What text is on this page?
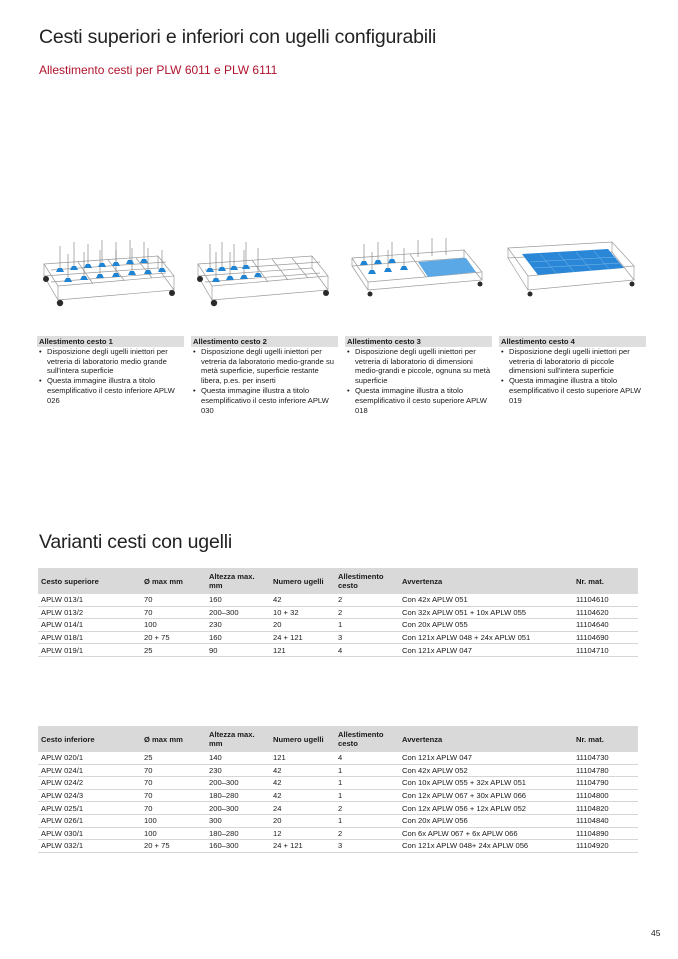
Cesti superiori e inferiori con ugelli configurabili
Allestimento cesti per PLW 6011 e PLW 6111
Allestimento cesto 1
• Disposizione degli ugelli iniettori per vetreria di laboratorio medio grande sull'intera superficie
• Questa immagine illustra a titolo esemplificativo il cesto inferiore APLW 026
Allestimento cesto 2
• Disposizione degli ugelli iniettori per vetreria da laboratorio medio-grande su metà superficie, superficie restante libera, p.es. per inserti
• Questa immagine illustra a titolo esemplificativo il cesto inferiore APLW 030
Allestimento cesto 3
• Disposizione degli ugelli iniettori per vetreria di laboratorio di dimensioni medio-grandi e piccole, ognuna su metà superficie
• Questa immagine illustra a titolo esemplificativo il cesto superiore APLW 018
Allestimento cesto 4
• Disposizione degli ugelli iniettori per vetreria di laboratorio di piccole dimensioni sull'intera superficie
• Questa immagine illustra a titolo esemplificativo il cesto superiore APLW 019
Varianti cesti con ugelli
Cesto superiore	Ø max mm	Altezza max. mm	Numero ugelli	Allestimento cesto	Avvertenza	Nr. mat.
APLW 013/1	70	160	42	2	Con 42x APLW 051	11104610
APLW 013/2	70	200–300	10 + 32	2	Con 32x APLW 051 + 10x APLW 055	11104620
APLW 014/1	100	230	20	1	Con 20x APLW 055	11104640
APLW 018/1	20 + 75	160	24 + 121	3	Con 121x APLW 048 + 24x APLW 051	11104690
APLW 019/1	25	90	121	4	Con 121x APLW 047	11104710
Cesto inferiore	Ø max mm	Altezza max. mm	Numero ugelli	Allestimento cesto	Avvertenza	Nr. mat.
APLW 020/1	25	140	121	4	Con 121x APLW 047	11104730
APLW 024/1	70	230	42	1	Con 42x APLW 052	11104780
APLW 024/2	70	200–300	42	1	Con 10x APLW 055 + 32x APLW 051	11104790
APLW 024/3	70	180–280	42	1	Con 12x APLW 067 + 30x APLW 066	11104800
APLW 025/1	70	200–300	24	2	Con 12x APLW 056 + 12x APLW 052	11104820
APLW 026/1	100	300	20	1	Con 20x APLW 056	11104840
APLW 030/1	100	180–280	12	2	Con 6x APLW 067 + 6x APLW 066	11104890
APLW 032/1	20 + 75	160–300	24 + 121	3	Con 121x APLW 048+ 24x APLW 056	11104920
45
